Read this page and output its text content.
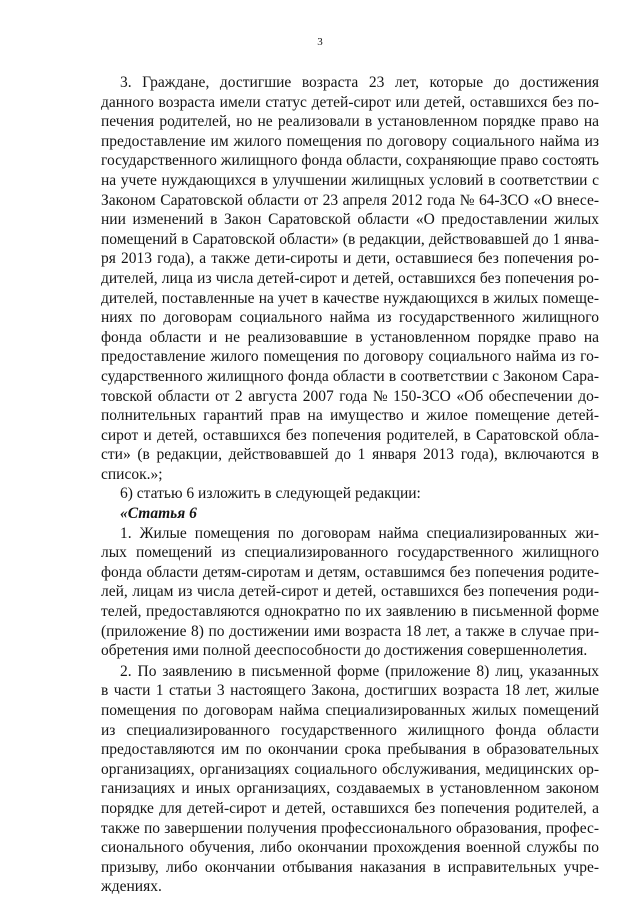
3

3. Граждане, достигшие возраста 23 лет, которые до достижения
данного возраста имели статус детей-сирот или детей, оставшихся без по-
печения родителей, но не реализовали в установленном порядке право на
предоставление им жилого помещения по договору социального найма из
государственного жилищного фонда области, сохраняющие право состоять
на учете нуждающихся в улучшении жилищных условий в соответствии с
Законом Саратовской области от 23 апреля 2012 года № 64-ЗСО «О внесе-
нии изменений в Закон Саратовской области «О предоставлении жилых
помещений в Саратовской области» (в редакции, действовавшей до 1 янва-
ря 2013 года), а также дети-сироты и дети, оставшиеся без попечения ро-
дителей, лица из числа детей-сирот и детей, оставшихся без попечения ро-
дителей, поставленные на учет в качестве нуждающихся в жилых помеще-
ниях по договорам социального найма из государственного жилищного
фонда области и не реализовавшие в установленном порядке право на
предоставление жилого помещения по договору социального найма из го-
сударственного жилищного фонда области в соответствии с Законом Сара-
товской области от 2 августа 2007 года № 150-ЗСО «Об обеспечении до-
полнительных гарантий прав на имущество и жилое помещение детей-
сирот и детей, оставшихся без попечения родителей, в Саратовской обла-
сти» (в редакции, действовавшей до 1 января 2013 года), включаются в
список.»;

6) статью 6 изложить в следующей редакции:

«Статья 6

1. Жилые помещения по договорам найма специализированных жи-
лых помещений из специализированного государственного жилищного
фонда области детям-сиротам и детям, оставшимся без попечения родите-
лей, лицам из числа детей-сирот и детей, оставшихся без попечения роди-
телей, предоставляются однократно по их заявлению в письменной форме
(приложение 8) по достижении ими возраста 18 лет, а также в случае при-
обретения ими полной дееспособности до достижения совершеннолетия.

2. По заявлению в письменной форме (приложение 8) лиц, указанных
в части 1 статьи 3 настоящего Закона, достигших возраста 18 лет, жилые
помещения по договорам найма специализированных жилых помещений
из специализированного государственного жилищного фонда области
предоставляются им по окончании срока пребывания в образовательных
организациях, организациях социального обслуживания, медицинских ор-
ганизациях и иных организациях, создаваемых в установленном законом
порядке для детей-сирот и детей, оставшихся без попечения родителей, а
также по завершении получения профессионального образования, профес-
сионального обучения, либо окончании прохождения военной службы по
призыву, либо окончании отбывания наказания в исправительных учре-
ждениях.
